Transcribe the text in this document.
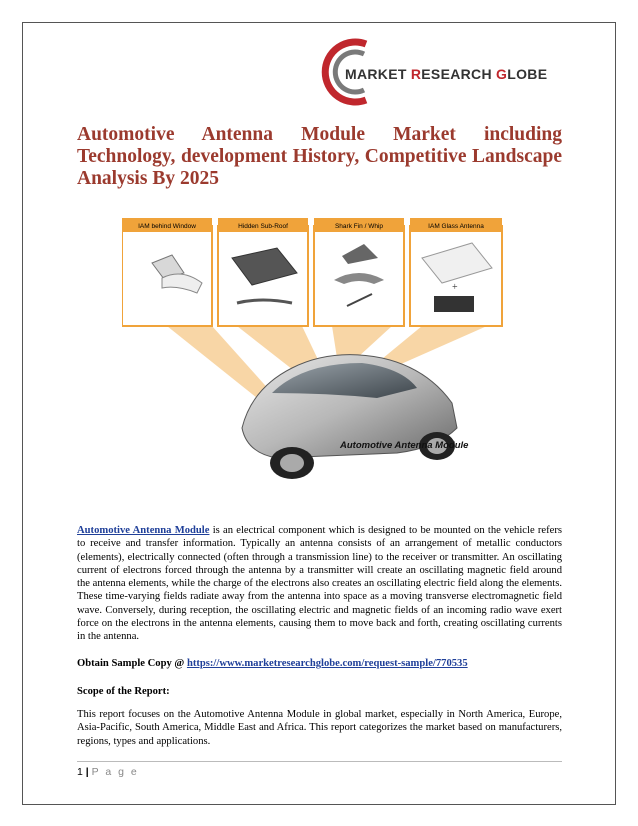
MARKET RESEARCH GLOBE
Automotive Antenna Module Market including Technology, development History, Competitive Landscape Analysis By 2025
IAM behind Window	Hidden Sub-Roof	Shark Fin / Whip	IAM Glass Antenna
+
Automotive Antenna Module
Automotive Antenna Module is an electrical component which is designed to be mounted on the vehicle refers to receive and transfer information. Typically an antenna consists of an arrangement of metallic conductors (elements), electrically connected (often through a transmission line) to the receiver or transmitter. An oscillating current of electrons forced through the antenna by a transmitter will create an oscillating magnetic field around the antenna elements, while the charge of the electrons also creates an oscillating electric field along the elements. These time-varying fields radiate away from the antenna into space as a moving transverse electromagnetic field wave. Conversely, during reception, the oscillating electric and magnetic fields of an incoming radio wave exert force on the electrons in the antenna elements, causing them to move back and forth, creating oscillating currents in the antenna.
Obtain Sample Copy @ https://www.marketresearchglobe.com/request-sample/770535
Scope of the Report:
This report focuses on the Automotive Antenna Module in global market, especially in North America, Europe, Asia-Pacific, South America, Middle East and Africa. This report categorizes the market based on manufacturers, regions, types and applications.
1 | P a g e
